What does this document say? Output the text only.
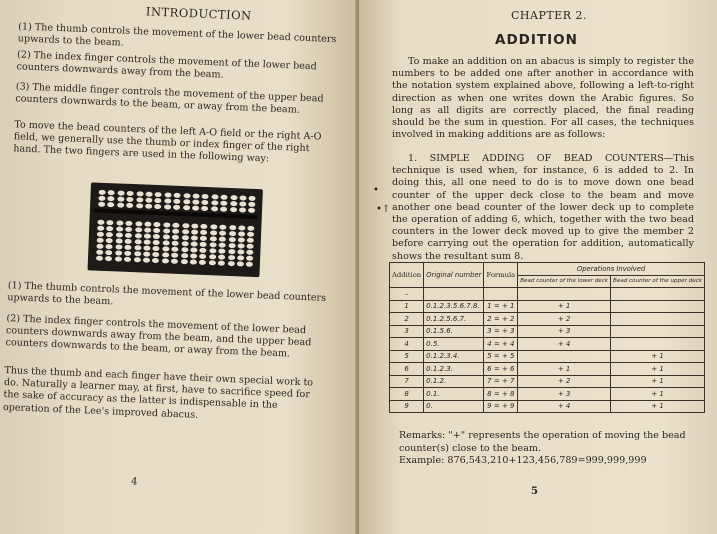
INTRODUCTION

(1) The thumb controls the movement of the lower bead counters upwards to the beam.

(2) The index finger controls the movement of the lower bead counters downwards away from the beam.

(3) The middle finger controls the movement of the upper bead counters downwards to the beam, or away from the beam.

To move the bead counters of the left A-O field or the right A-O field, we generally use the thumb or index finger of the right hand. The two fingers are used in the following way:

(1) The thumb controls the movement of the lower bead counters upwards to the beam.

(2) The index finger controls the movement of the lower bead counters downwards away from the beam, and the upper bead counters downwards to the beam, or away from the beam.

Thus the thumb and each finger have their own special work to do. Naturally a learner may, at first, have to sacrifice speed for the sake of accuracy as the latter is indispensable in the operation of the Lee's improved abacus.

4
CHAPTER 2.
ADDITION

To make an addition on an abacus is simply to register the numbers to be added one after another in accordance with the notation system explained above, following a left-to-right direction as when one writes down the Arabic figures. So long as all digits are correctly placed, the final reading should be the sum in question. For all cases, the techniques involved in making additions are as follows:

1. SIMPLE ADDING OF BEAD COUNTERS—This technique is used when, for instance, 6 is added to 2. In doing this, all one need to do is to move down one bead counter of the upper deck close to the beam and move another one bead counter of the lower deck up to complete the operation of adding 6, which, together with the two bead counters in the lower deck moved up to give the member 2 before carrying out the operation for addition, automatically shows the resultant sum 8.

•
•↑
Addition	Original number	Formula	Operations Involved	
			Bead counter of the lower deck	Bead counter of the upper deck
–				
1	0.1.2.3.5.6.7.8.	1 = + 1	+ 1	
2	0.1.2.5.6.7.	2 = + 2	+ 2	
3	0.1.5.6.	3 = + 3	+ 3	
4	0.5.	4 = + 4	+ 4	
5	0.1.2.3.4.	5 = + 5		+ 1
6	0.1.2.3.	6 = + 6	+ 1	+ 1
7	0.1.2.	7 = + 7	+ 2	+ 1
8	0.1.	8 = + 8	+ 3	+ 1
9	0.	9 = + 9	+ 4	+ 1
Remarks: "+" represents the operation of moving the bead counter(s) close to the beam.
Example: 876,543,210+123,456,789=999,999,999
5
